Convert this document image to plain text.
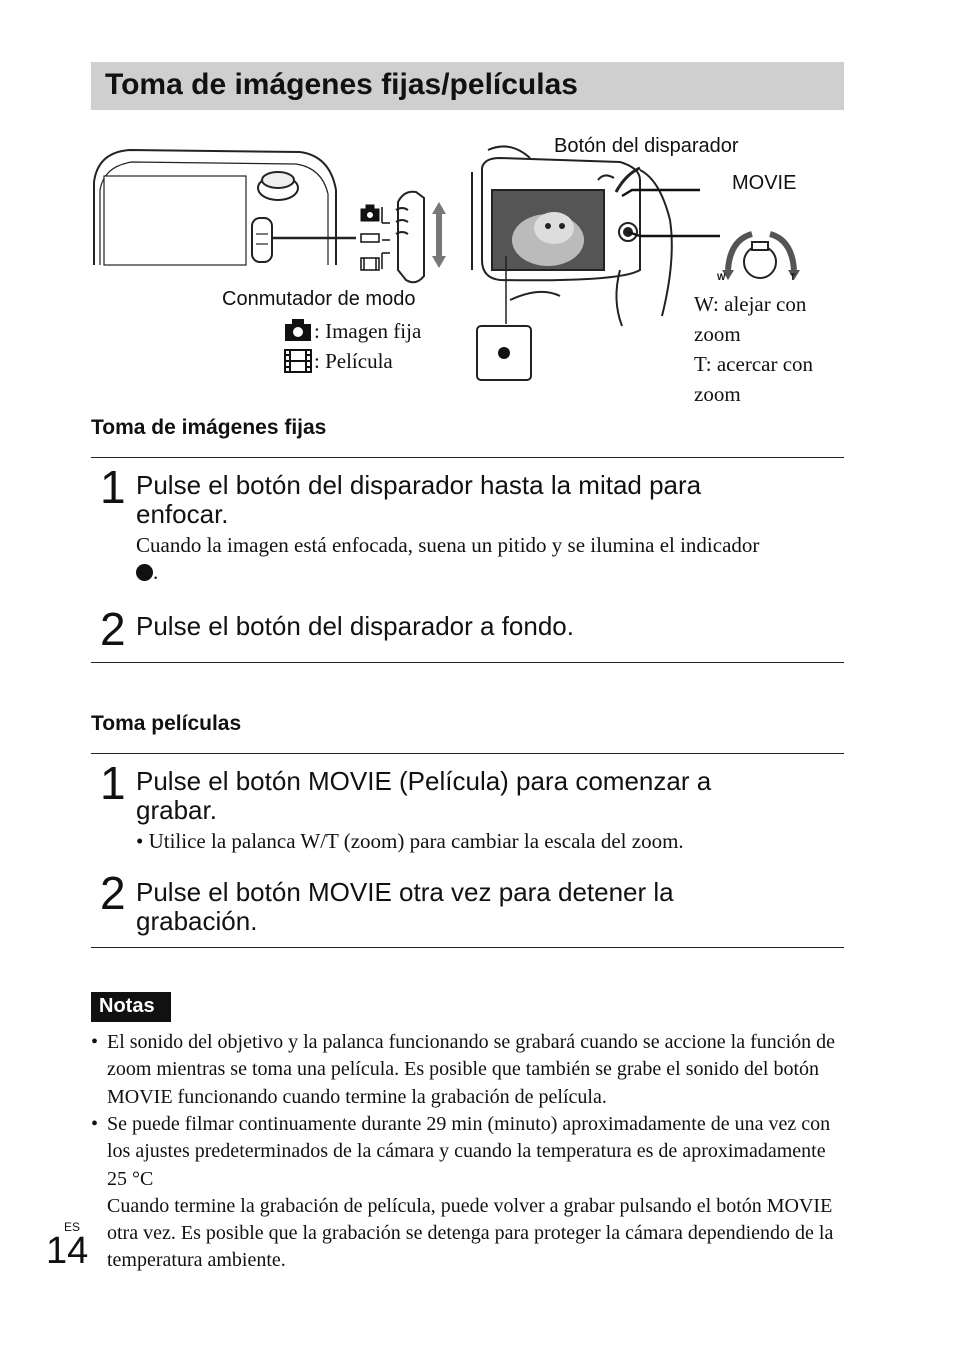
Toma de imágenes fijas/películas
Botón del disparador
MOVIE
Conmutador de modo
: Imagen fija
: Película
W	T
W: alejar con
zoom
T: acercar con
zoom
Toma de imágenes fijas
1 Pulse el botón del disparador hasta la mitad para
enfocar.
Cuando la imagen está enfocada, suena un pitido y se ilumina el indicador
.
2 Pulse el botón del disparador a fondo.
Toma películas
1 Pulse el botón MOVIE (Película) para comenzar a
grabar.
• Utilice la palanca W/T (zoom) para cambiar la escala del zoom.
2 Pulse el botón MOVIE otra vez para detener la
grabación.
Notas
• El sonido del objetivo y la palanca funcionando se grabará cuando se accione la función de zoom mientras se toma una película. Es posible que también se grabe el sonido del botón MOVIE funcionando cuando termine la grabación de película.
• Se puede filmar continuamente durante 29 min (minuto) aproximadamente de una vez con los ajustes predeterminados de la cámara y cuando la temperatura es de aproximadamente 25 °C
Cuando termine la grabación de película, puede volver a grabar pulsando el botón MOVIE otra vez. Es posible que la grabación se detenga para proteger la cámara dependiendo de la temperatura ambiente.
ES
14
